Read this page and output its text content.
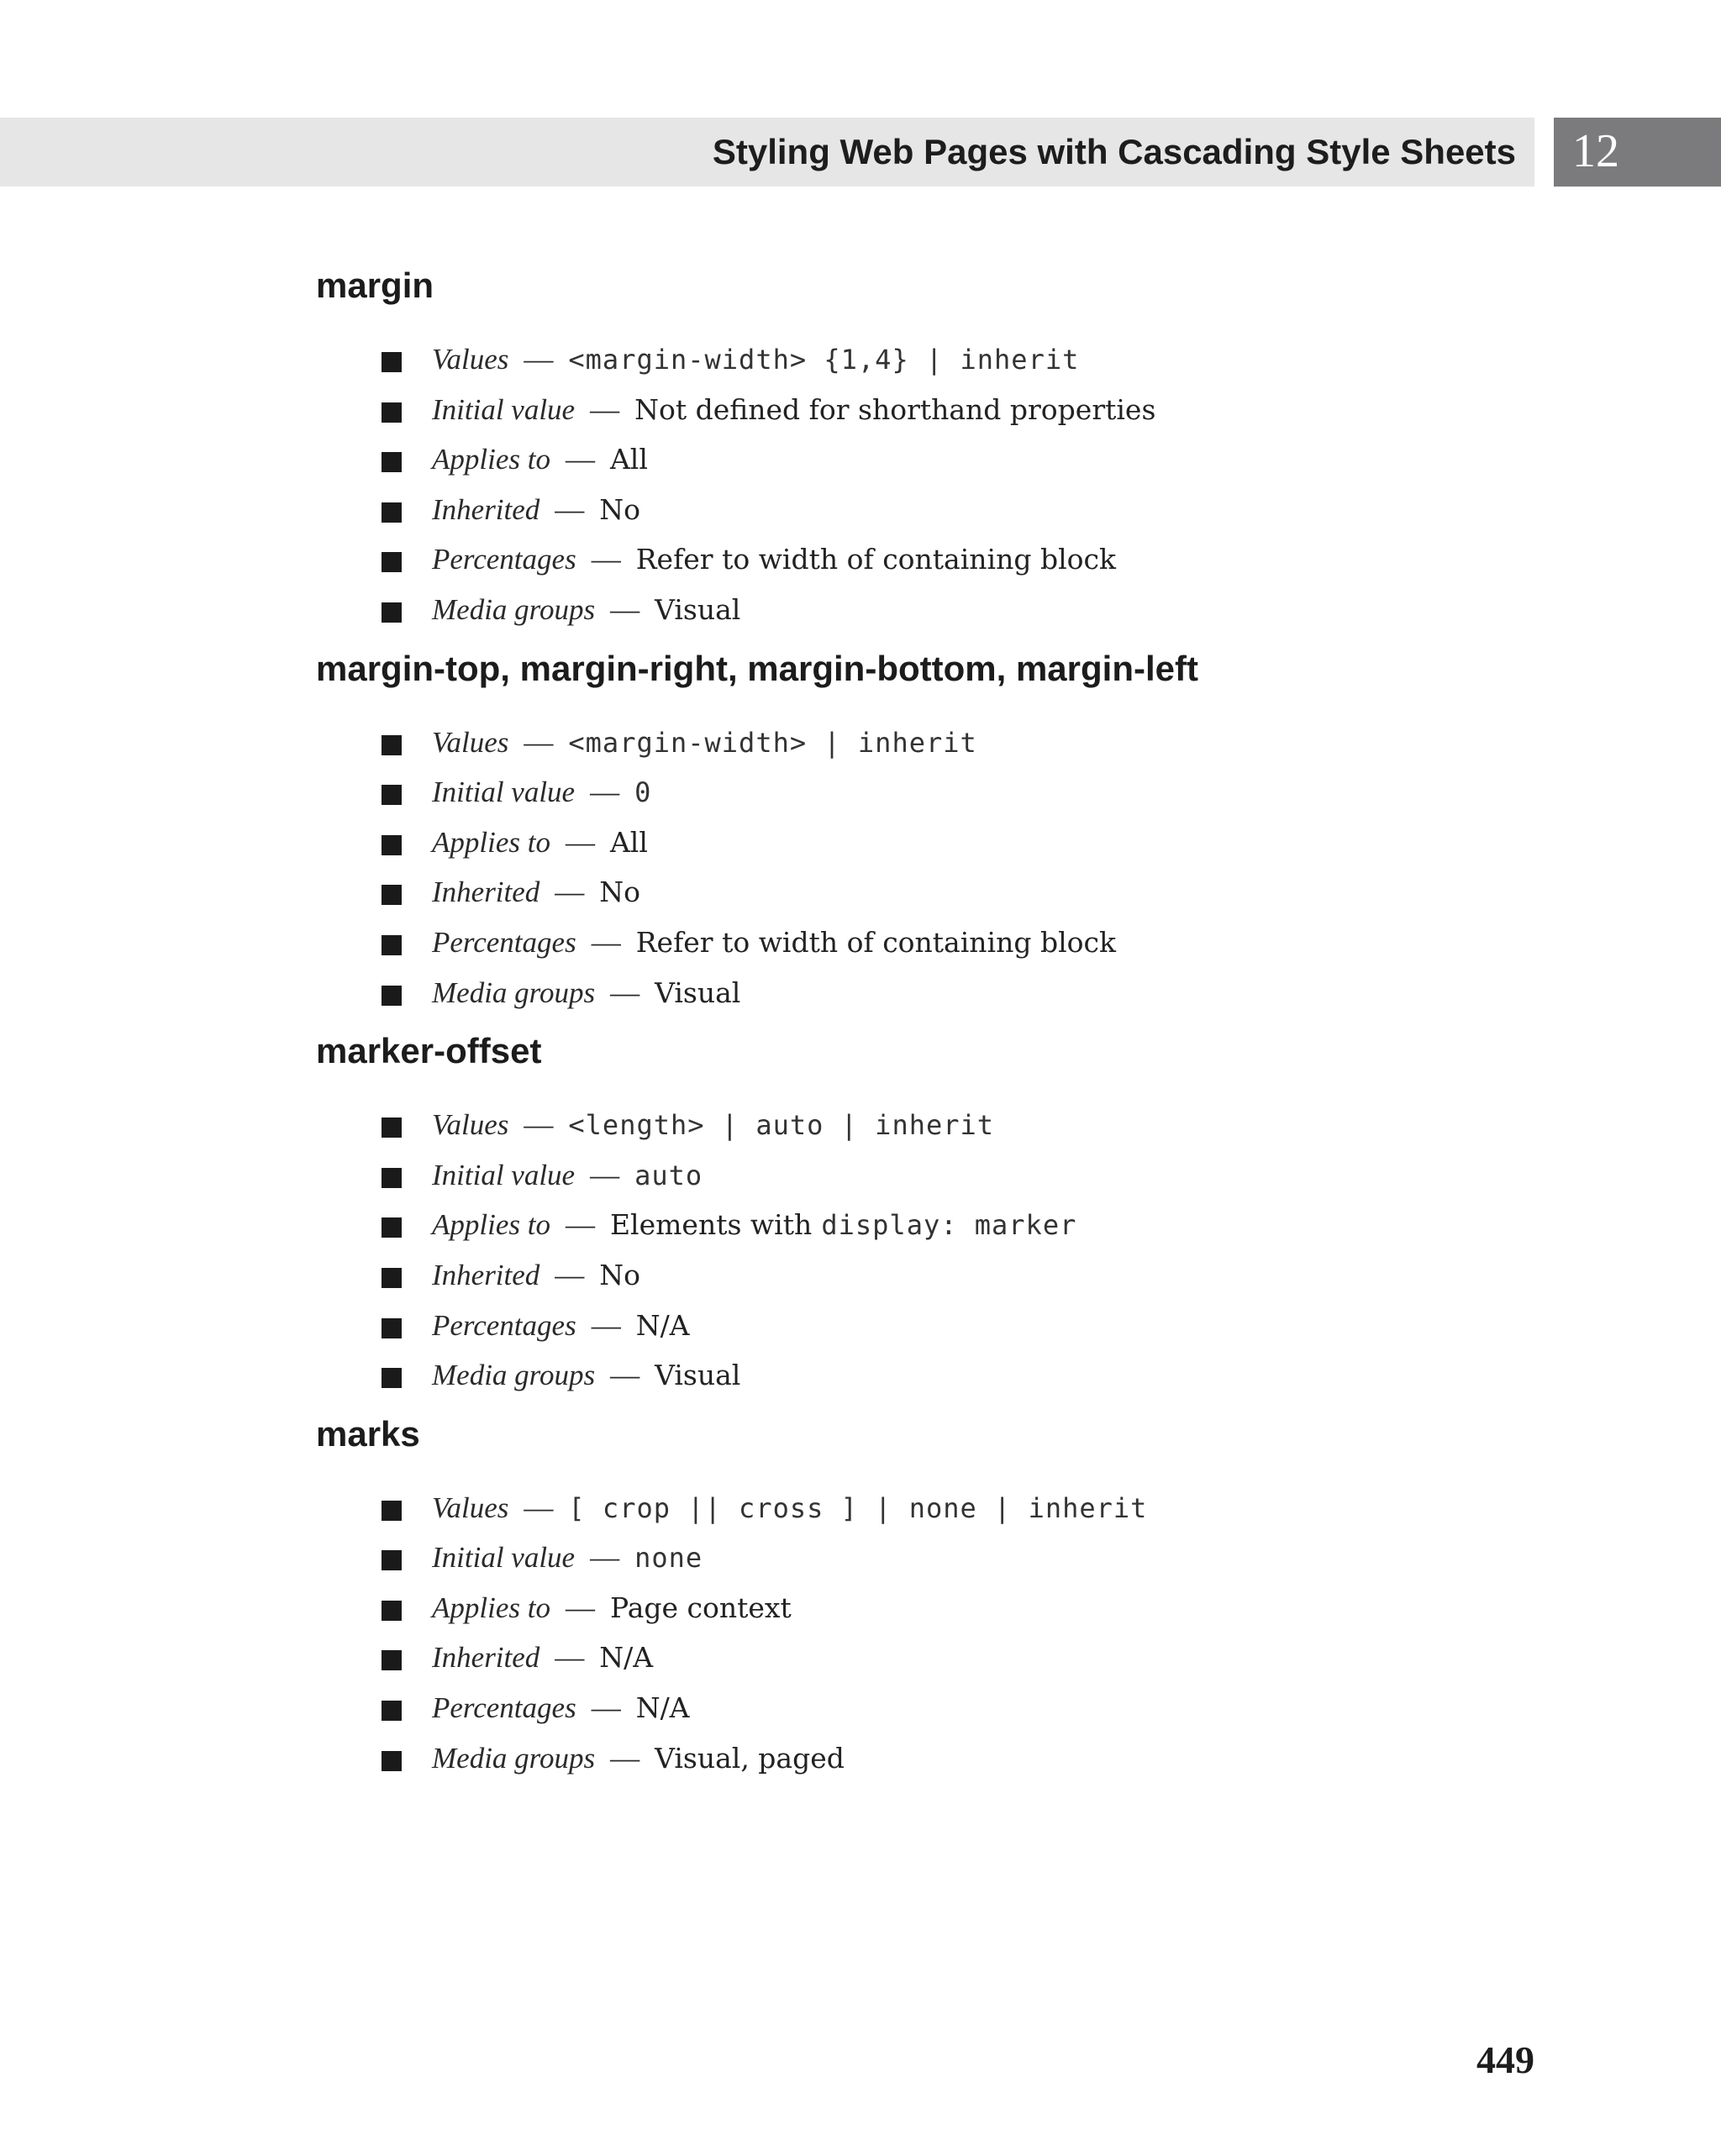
Styling Web Pages with Cascading Style Sheets 12
margin
Values — <margin-width> {1,4} | inherit
Initial value — Not defined for shorthand properties
Applies to — All
Inherited — No
Percentages — Refer to width of containing block
Media groups — Visual
margin-top, margin-right, margin-bottom, margin-left
Values — <margin-width> | inherit
Initial value — 0
Applies to — All
Inherited — No
Percentages — Refer to width of containing block
Media groups — Visual
marker-offset
Values — <length> | auto | inherit
Initial value — auto
Applies to — Elements with display: marker
Inherited — No
Percentages — N/A
Media groups — Visual
marks
Values — [ crop || cross ] | none | inherit
Initial value — none
Applies to — Page context
Inherited — N/A
Percentages — N/A
Media groups — Visual, paged
449
